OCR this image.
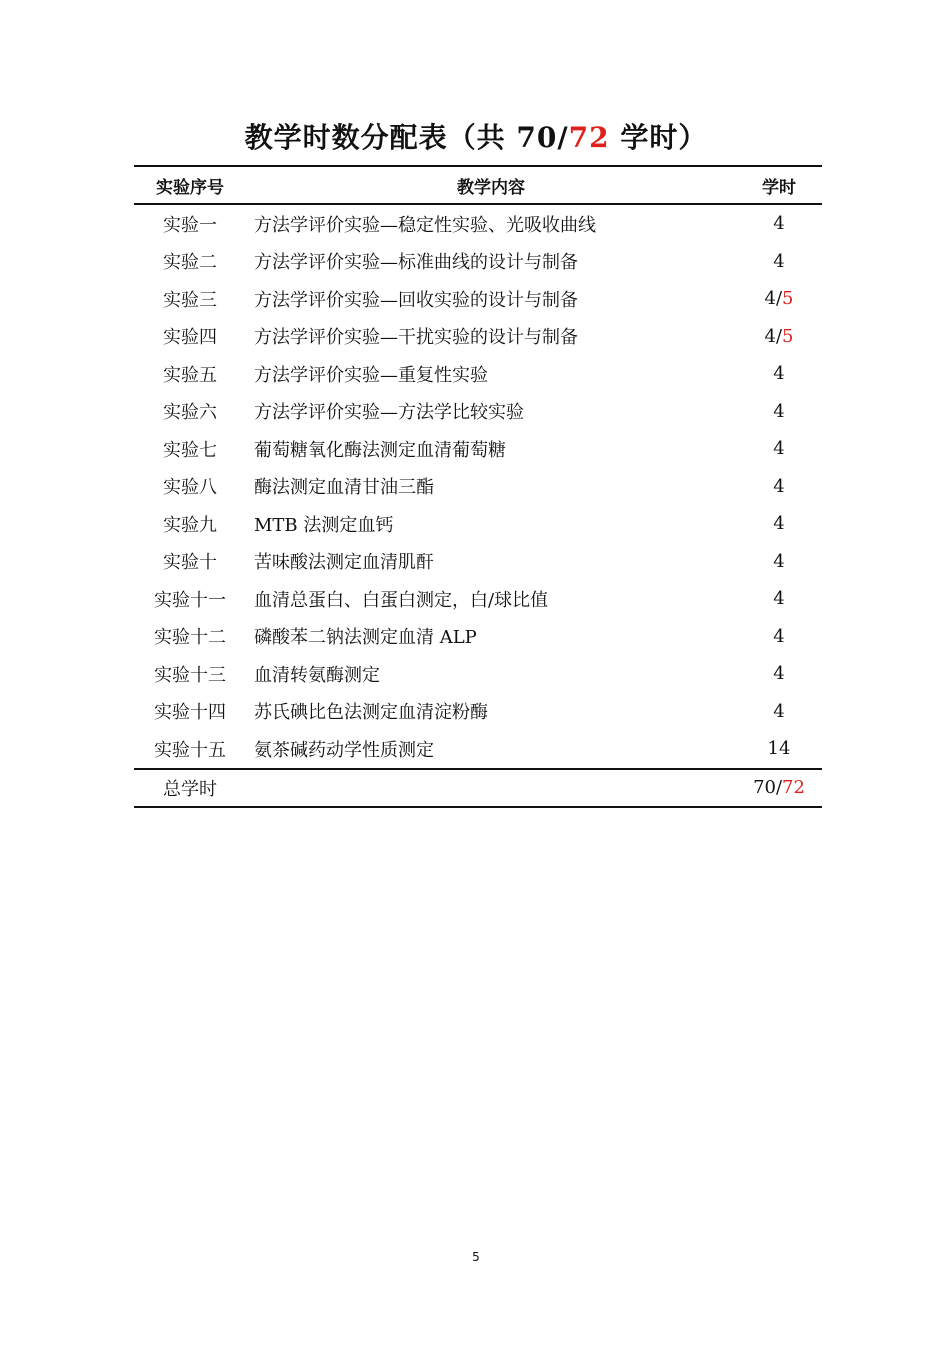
教学时数分配表（共 70/72 学时）
实验序号	教学内容	学时
实验一	方法学评价实验—稳定性实验、光吸收曲线	4
实验二	方法学评价实验—标准曲线的设计与制备	4
实验三	方法学评价实验—回收实验的设计与制备	4/5
实验四	方法学评价实验—干扰实验的设计与制备	4/5
实验五	方法学评价实验—重复性实验	4
实验六	方法学评价实验—方法学比较实验	4
实验七	葡萄糖氧化酶法测定血清葡萄糖	4
实验八	酶法测定血清甘油三酯	4
实验九	MTB 法测定血钙	4
实验十	苦味酸法测定血清肌酐	4
实验十一	血清总蛋白、白蛋白测定，白/球比值	4
实验十二	磷酸苯二钠法测定血清 ALP	4
实验十三	血清转氨酶测定	4
实验十四	苏氏碘比色法测定血清淀粉酶	4
实验十五	氨茶碱药动学性质测定	14
总学时		70/72
5
